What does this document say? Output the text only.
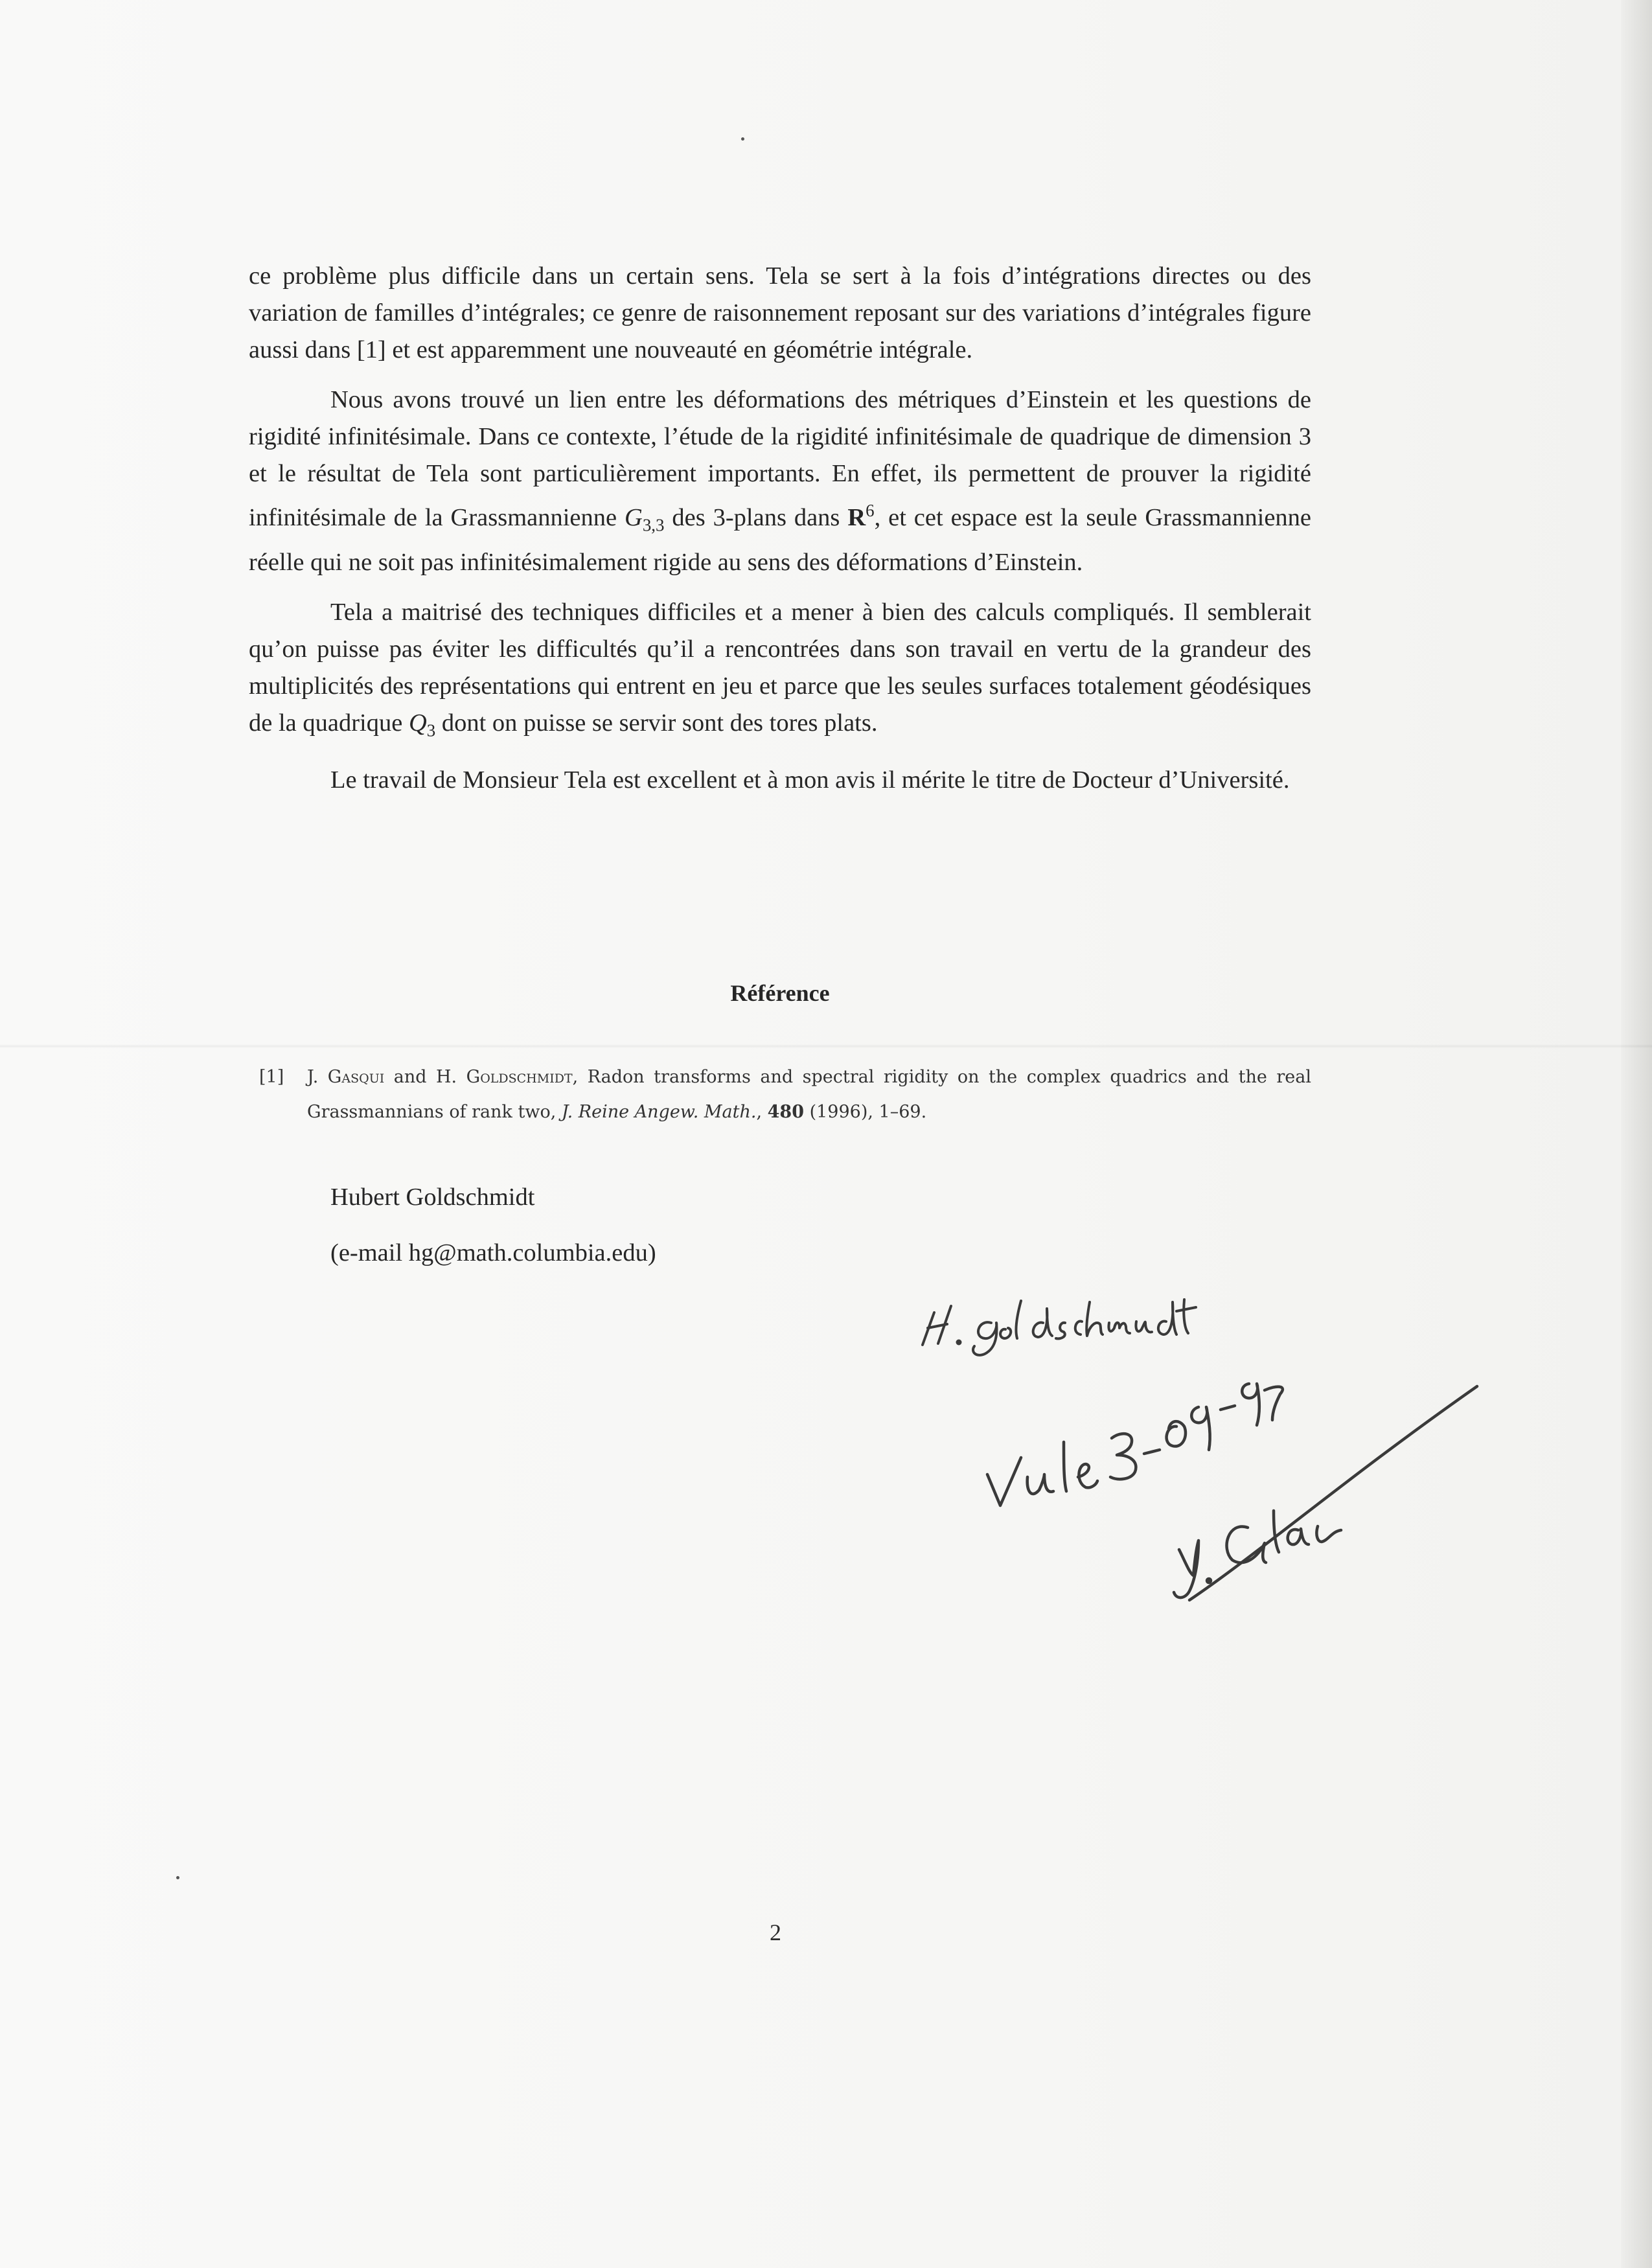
ce problème plus difficile dans un certain sens. Tela se sert à la fois d’intégrations directes ou des variation de familles d’intégrales; ce genre de raisonnement reposant sur des variations d’intégrales figure aussi dans [1] et est apparemment une nouveauté en géométrie intégrale.

Nous avons trouvé un lien entre les déformations des métriques d’Einstein et les questions de rigidité infinitésimale. Dans ce contexte, l’étude de la rigidité infinitésimale de quadrique de dimension 3 et le résultat de Tela sont particulièrement importants. En effet, ils permettent de prouver la rigidité infinitésimale de la Grassmannienne $G_{3,3}$ des 3-plans dans $R^6$, et cet espace est la seule Grassmannienne réelle qui ne soit pas infinitésimalement rigide au sens des déformations d’Einstein.

Tela a maitrisé des techniques difficiles et a mener à bien des calculs compliqués. Il semblerait qu’on puisse pas éviter les difficultés qu’il a rencontrées dans son travail en vertu de la grandeur des multiplicités des représentations qui entrent en jeu et parce que les seules surfaces totalement géodésiques de la quadrique $Q_3$ dont on puisse se servir sont des tores plats.

Le travail de Monsieur Tela est excellent et à mon avis il mérite le titre de Docteur d’Université.

Référence
[1] J. Gasqui and H. Goldschmidt, Radon transforms and spectral rigidity on the complex quadrics and the real Grassmannians of rank two, J. Reine Angew. Math., 480 (1996), 1–69.
Hubert Goldschmidt
(e-mail hg@math.columbia.edu)
2
